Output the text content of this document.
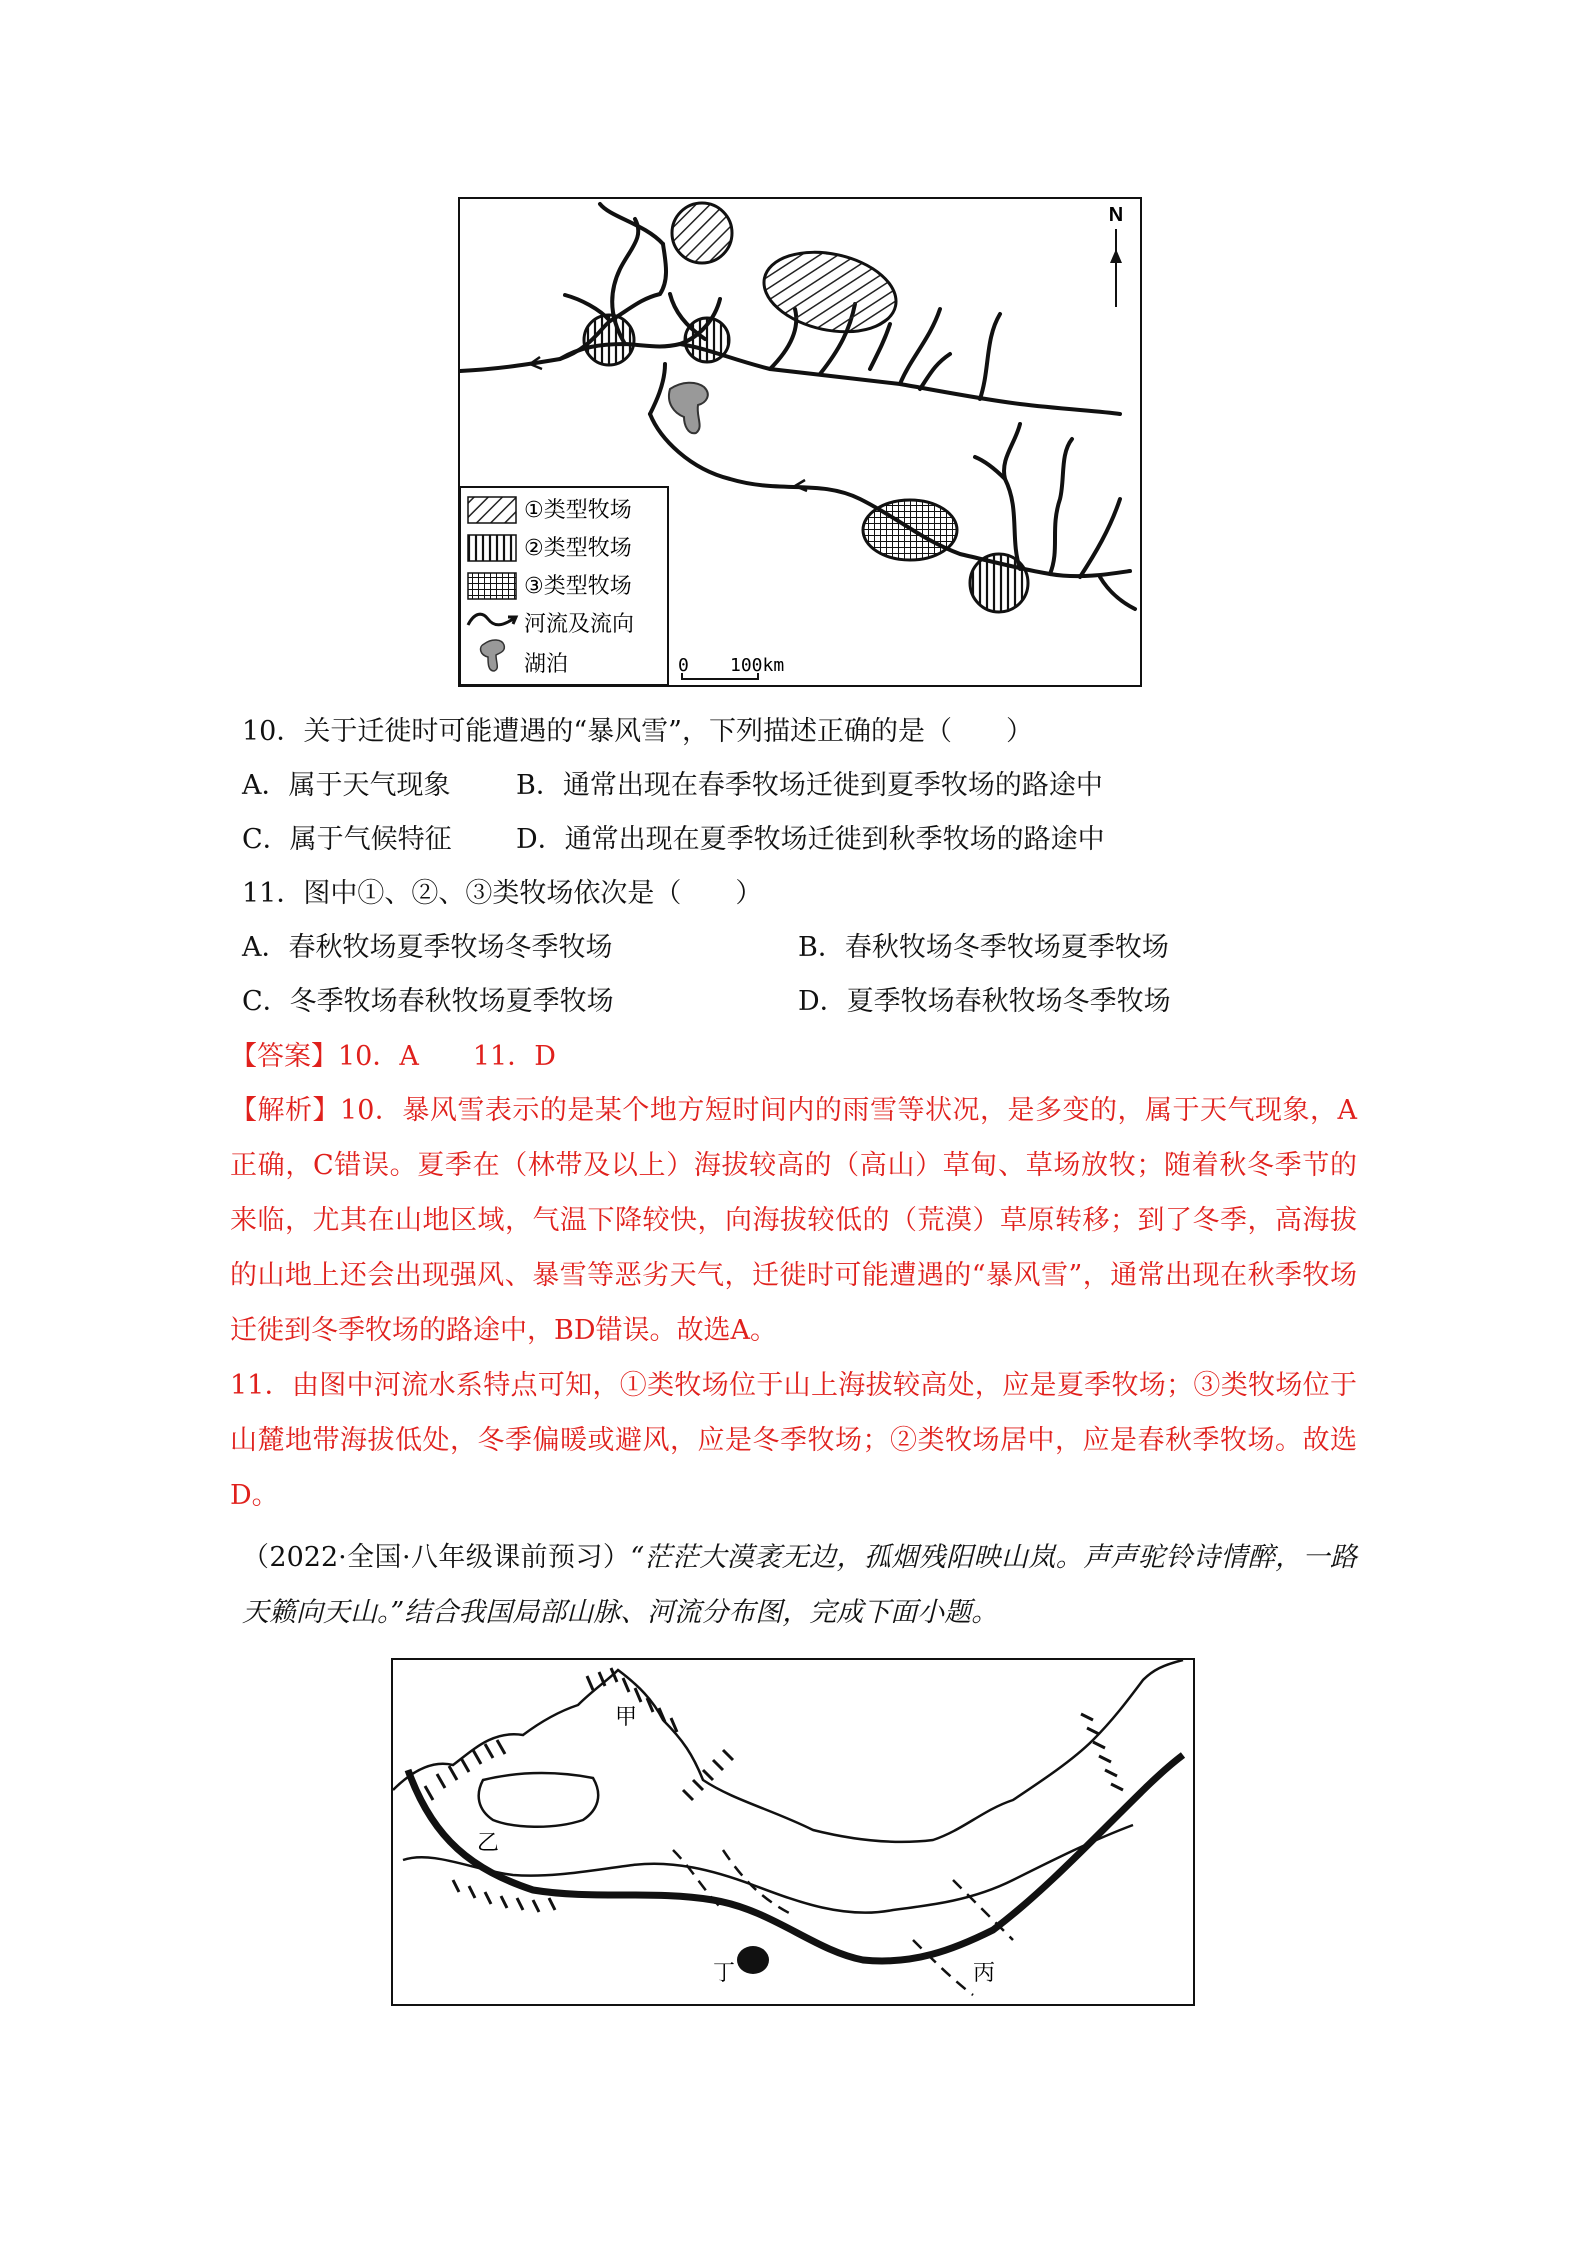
N
①类型牧场
②类型牧场
③类型牧场
河流及流向
湖泊	0 100km
10．关于迁徙时可能遭遇的“暴风雪”，下列描述正确的是（　　）
A．属于天气现象 B．通常出现在春季牧场迁徙到夏季牧场的路途中
C．属于气候特征 D．通常出现在夏季牧场迁徙到秋季牧场的路途中
11．图中①、②、③类牧场依次是（　　）
A．春秋牧场夏季牧场冬季牧场	B．春秋牧场冬季牧场夏季牧场
C．冬季牧场春秋牧场夏季牧场	D．夏季牧场春秋牧场冬季牧场
【答案】10．A　　11．D

【解析】10．暴风雪表示的是某个地方短时间内的雨雪等状况，是多变的，属于天气现象，A正确，C错误。夏季在（林带及以上）海拔较高的（高山）草甸、草场放牧；随着秋冬季节的来临，尤其在山地区域，气温下降较快，向海拔较低的（荒漠）草原转移；到了冬季，高海拔的山地上还会出现强风、暴雪等恶劣天气，迁徙时可能遭遇的“暴风雪”，通常出现在秋季牧场迁徙到冬季牧场的路途中，BD错误。故选A。

11．由图中河流水系特点可知，①类牧场位于山上海拔较高处，应是夏季牧场；③类牧场位于山麓地带海拔低处，冬季偏暖或避风，应是冬季牧场；②类牧场居中，应是春秋季牧场。故选D。

（2022·全国·八年级课前预习）“茫茫大漠袤无边，孤烟残阳映山岚。声声驼铃诗情醉，一路天籁向天山。”结合我国局部山脉、河流分布图，完成下面小题。

甲
乙
丙
丁
